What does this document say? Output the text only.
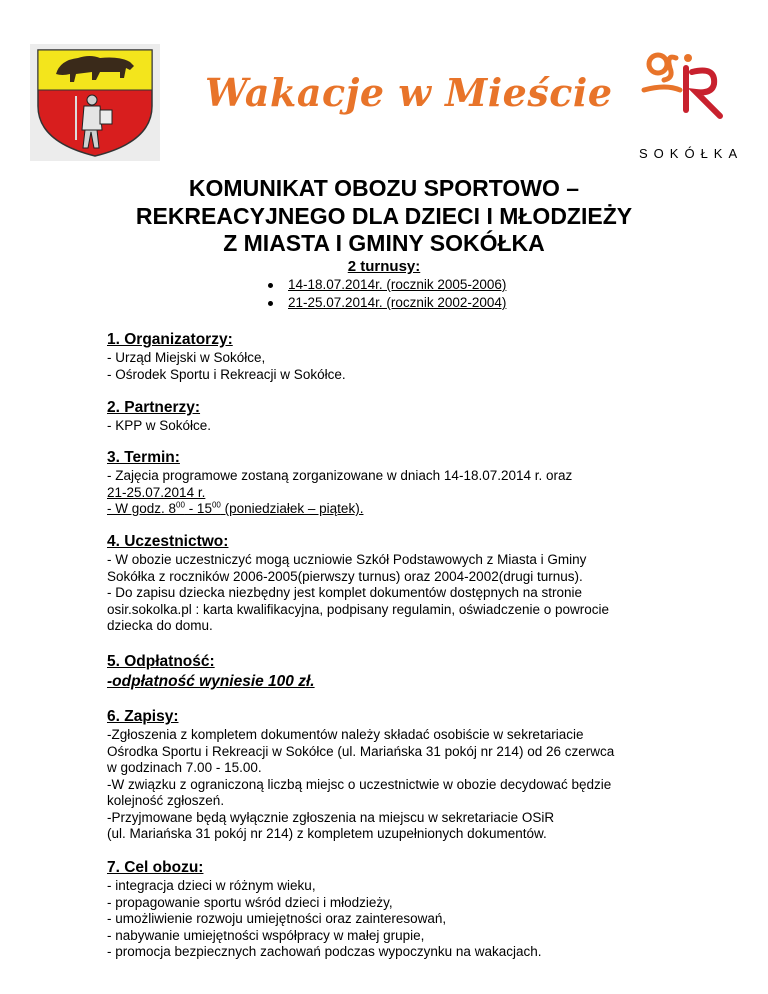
Wakacje w Mieście
SOKÓŁKA
KOMUNIKAT OBOZU SPORTOWO –
REKREACYJNEGO DLA DZIECI I MŁODZIEŻY
Z MIASTA I GMINY SOKÓŁKA
2 turnusy:
14-18.07.2014r. (rocznik 2005-2006)
21-25.07.2014r. (rocznik 2002-2004)
1. Organizatorzy:

- Urząd Miejski w Sokółce,

- Ośrodek Sportu i Rekreacji w Sokółce.

2. Partnerzy:

- KPP w Sokółce.

3. Termin:

- Zajęcia programowe zostaną zorganizowane w dniach 14-18.07.2014 r. oraz

21-25.07.2014 r.

- W godz. $8^{00} - 15^{00}$ (poniedziałek – piątek).

4. Uczestnictwo:

- W obozie uczestniczyć mogą uczniowie Szkół Podstawowych z Miasta i Gminy

Sokółka z roczników 2006-2005(pierwszy turnus) oraz 2004-2002(drugi turnus).

- Do zapisu dziecka niezbędny jest komplet dokumentów dostępnych na stronie

osir.sokolka.pl : karta kwalifikacyjna, podpisany regulamin, oświadczenie o powrocie

dziecka do domu.

5. Odpłatność:

-odpłatność wyniesie 100 zł.

6. Zapisy:

-Zgłoszenia z kompletem dokumentów należy składać osobiście w sekretariacie

Ośrodka Sportu i Rekreacji w Sokółce (ul. Mariańska 31 pokój nr 214) od 26 czerwca

w godzinach 7.00 - 15.00.

-W związku z ograniczoną liczbą miejsc o uczestnictwie w obozie decydować będzie

kolejność zgłoszeń.

-Przyjmowane będą wyłącznie zgłoszenia na miejscu w sekretariacie OSiR

(ul. Mariańska 31 pokój nr 214) z kompletem uzupełnionych dokumentów.

7. Cel obozu:

- integracja dzieci w różnym wieku,

- propagowanie sportu wśród dzieci i młodzieży,

- umożliwienie rozwoju umiejętności oraz zainteresowań,

- nabywanie umiejętności współpracy w małej grupie,

- promocja bezpiecznych zachowań podczas wypoczynku na wakacjach.
